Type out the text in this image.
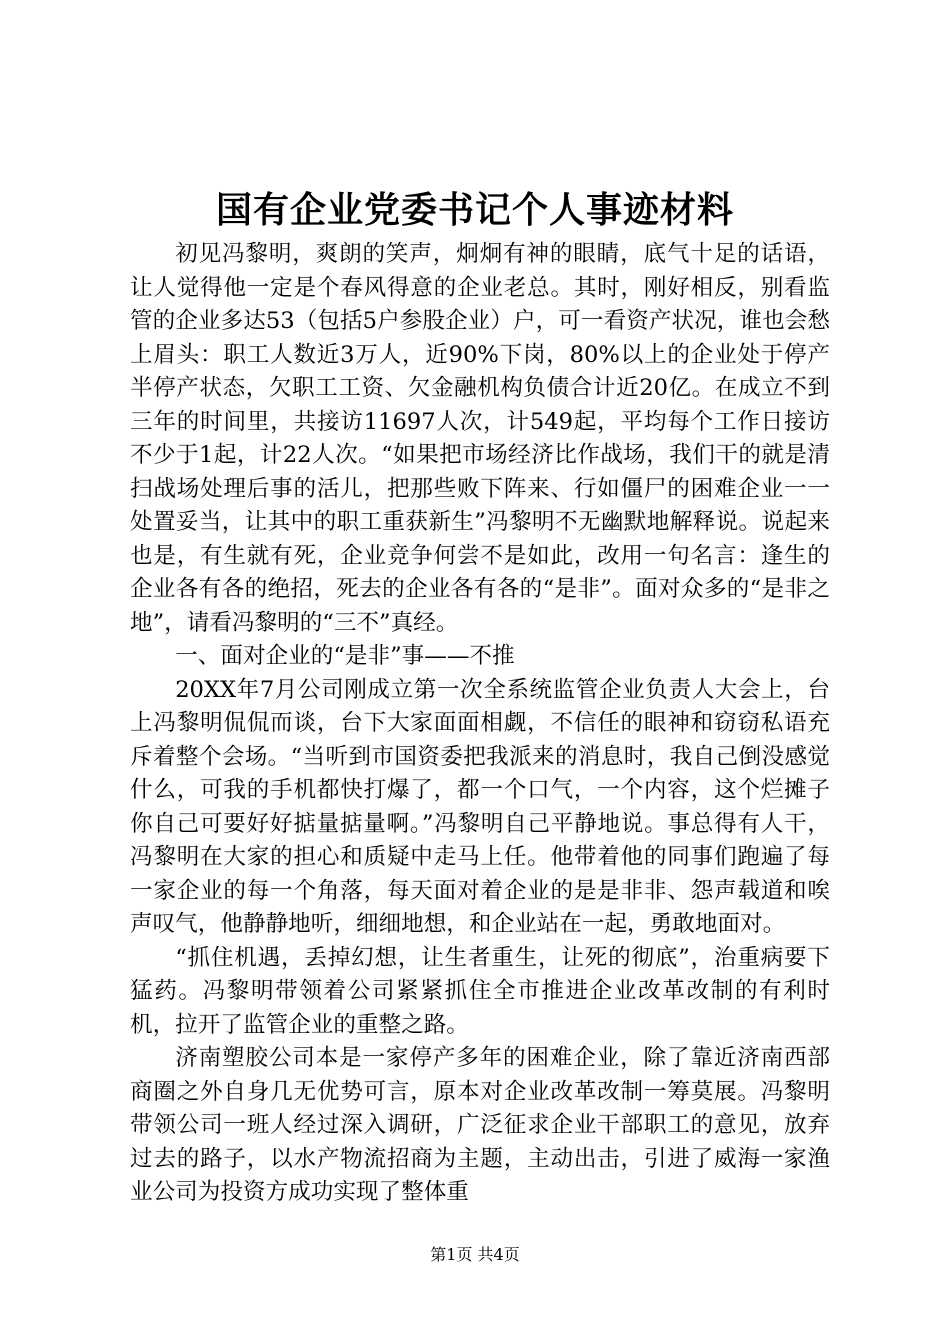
国有企业党委书记个人事迹材料

初见冯黎明，爽朗的笑声，炯炯有神的眼睛，底气十足的话语，让人觉得他一定是个春风得意的企业老总。其时，刚好相反，别看监管的企业多达53（包括5户参股企业）户，可一看资产状况，谁也会愁上眉头：职工人数近3万人，近90%下岗，80%以上的企业处于停产半停产状态，欠职工工资、欠金融机构负债合计近20亿。在成立不到三年的时间里，共接访11697人次，计549起，平均每个工作日接访不少于1起，计22人次。“如果把市场经济比作战场，我们干的就是清扫战场处理后事的活儿，把那些败下阵来、行如僵尸的困难企业一一处置妥当，让其中的职工重获新生”冯黎明不无幽默地解释说。说起来也是，有生就有死，企业竞争何尝不是如此，改用一句名言：逢生的企业各有各的绝招，死去的企业各有各的“是非”。面对众多的“是非之地”，请看冯黎明的“三不”真经。

一、面对企业的“是非”事——不推

20XX年7月公司刚成立第一次全系统监管企业负责人大会上，台上冯黎明侃侃而谈，台下大家面面相觑，不信任的眼神和窃窃私语充斥着整个会场。“当听到市国资委把我派来的消息时，我自己倒没感觉什么，可我的手机都快打爆了，都一个口气，一个内容，这个烂摊子你自己可要好好掂量掂量啊。”冯黎明自己平静地说。事总得有人干，冯黎明在大家的担心和质疑中走马上任。他带着他的同事们跑遍了每一家企业的每一个角落，每天面对着企业的是是非非、怨声载道和唉声叹气，他静静地听，细细地想，和企业站在一起，勇敢地面对。

“抓住机遇，丢掉幻想，让生者重生，让死的彻底”，治重病要下猛药。冯黎明带领着公司紧紧抓住全市推进企业改革改制的有利时机，拉开了监管企业的重整之路。

济南塑胶公司本是一家停产多年的困难企业，除了靠近济南西部商圈之外自身几无优势可言，原本对企业改革改制一筹莫展。冯黎明带领公司一班人经过深入调研，广泛征求企业干部职工的意见，放弃过去的路子，以水产物流招商为主题，主动出击，引进了威海一家渔业公司为投资方成功实现了整体重

第1页 共4页
